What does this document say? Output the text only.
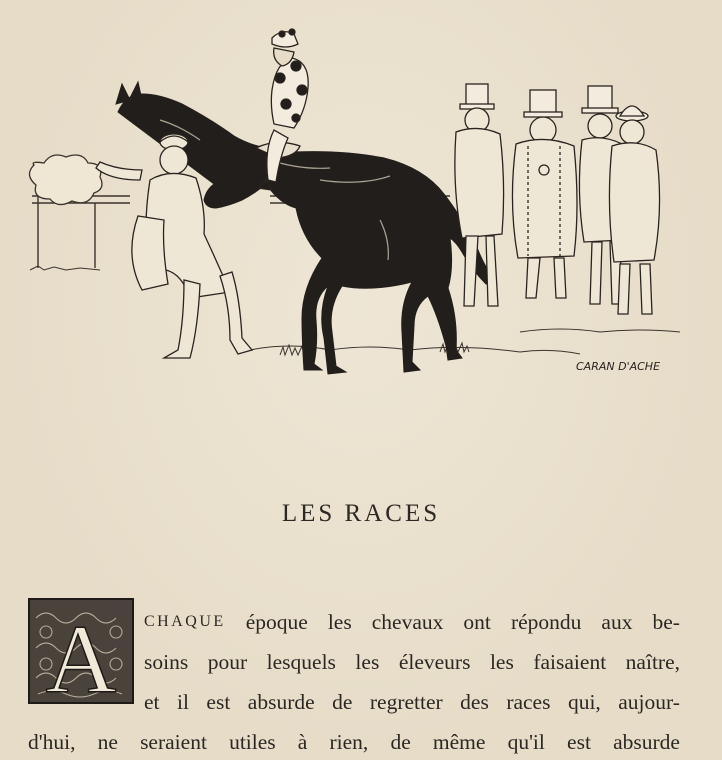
CARAN D'ACHE
LES RACES
A CHAQUE époque les chevaux ont répondu aux be-
soins pour lesquels les éleveurs les faisaient naître,
et il est absurde de regretter des races qui, aujour-
d'hui, ne seraient utiles à rien, de même qu'il est absurde
